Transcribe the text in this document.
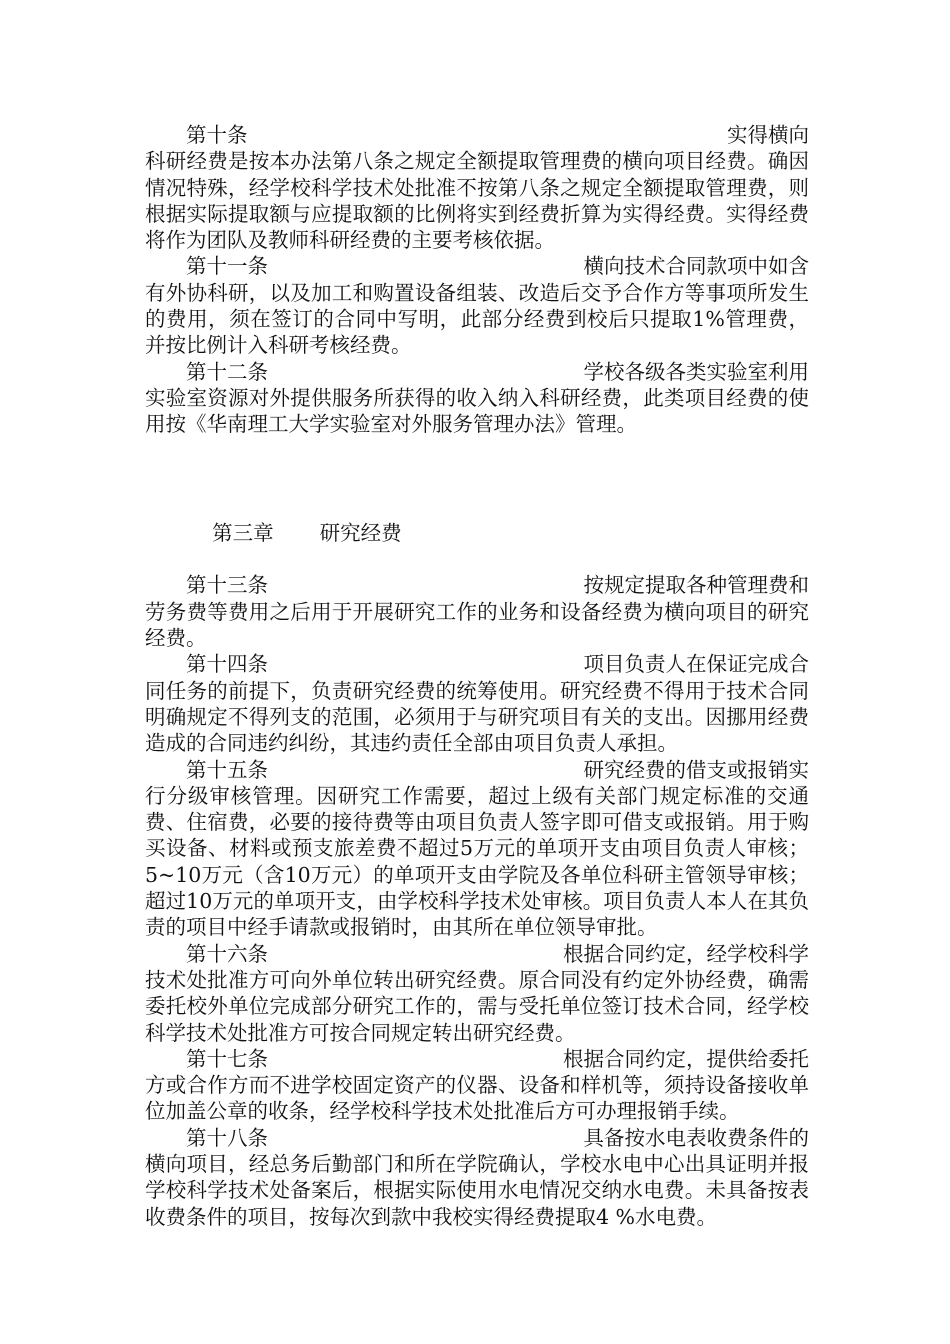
第十条	实得横向
科研经费是按本办法第八条之规定全额提取管理费的横向项目经费。确因情况特殊，经学校科学技术处批准不按第八条之规定全额提取管理费，则根据实际提取额与应提取额的比例将实到经费折算为实得经费。实得经费将作为团队及教师科研经费的主要考核依据。
第十一条	横向技术合同款项中如含
有外协科研，以及加工和购置设备组装、改造后交予合作方等事项所发生的费用，须在签订的合同中写明，此部分经费到校后只提取1%管理费，并按比例计入科研考核经费。
第十二条	学校各级各类实验室利用
实验室资源对外提供服务所获得的收入纳入科研经费，此类项目经费的使用按《华南理工大学实验室对外服务管理办法》管理。

第三章 研究经费

第十三条	按规定提取各种管理费和
劳务费等费用之后用于开展研究工作的业务和设备经费为横向项目的研究经费。
第十四条	项目负责人在保证完成合
同任务的前提下，负责研究经费的统筹使用。研究经费不得用于技术合同明确规定不得列支的范围，必须用于与研究项目有关的支出。因挪用经费造成的合同违约纠纷，其违约责任全部由项目负责人承担。
第十五条	研究经费的借支或报销实
行分级审核管理。因研究工作需要，超过上级有关部门规定标准的交通费、住宿费，必要的接待费等由项目负责人签字即可借支或报销。用于购买设备、材料或预支旅差费不超过5万元的单项开支由项目负责人审核；5~10万元（含10万元）的单项开支由学院及各单位科研主管领导审核；超过10万元的单项开支，由学校科学技术处审核。项目负责人本人在其负责的项目中经手请款或报销时，由其所在单位领导审批。
第十六条	根据合同约定，经学校科学
技术处批准方可向外单位转出研究经费。原合同没有约定外协经费，确需委托校外单位完成部分研究工作的，需与受托单位签订技术合同，经学校科学技术处批准方可按合同规定转出研究经费。
第十七条	根据合同约定，提供给委托
方或合作方而不进学校固定资产的仪器、设备和样机等，须持设备接收单位加盖公章的收条，经学校科学技术处批准后方可办理报销手续。
第十八条	具备按水电表收费条件的
横向项目，经总务后勤部门和所在学院确认，学校水电中心出具证明并报学校科学技术处备案后，根据实际使用水电情况交纳水电费。未具备按表收费条件的项目，按每次到款中我校实得经费提取4 %水电费。
